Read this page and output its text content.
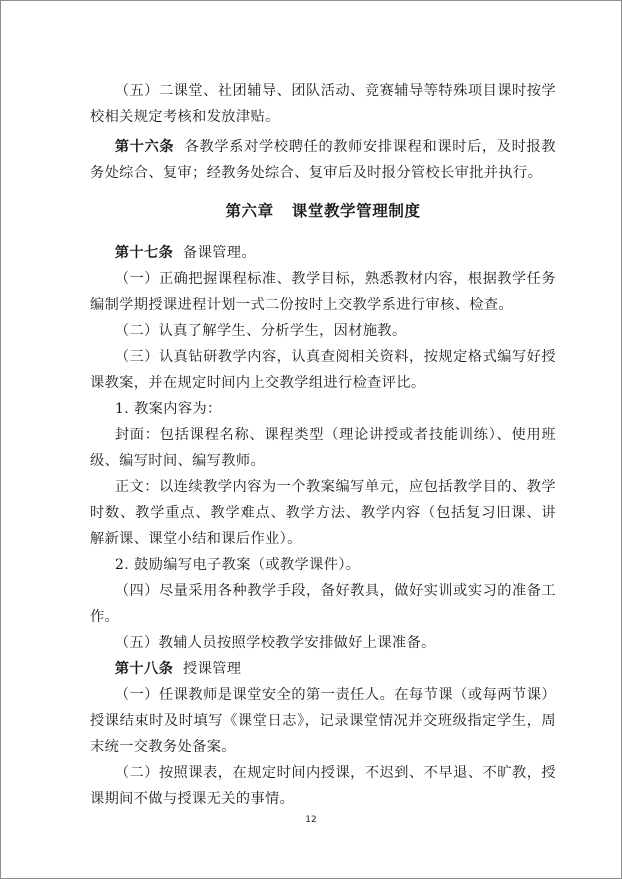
（五）二课堂、社团辅导、团队活动、竞赛辅导等特殊项目课时按学校相关规定考核和发放津贴。

第十六条 各教学系对学校聘任的教师安排课程和课时后，及时报教务处综合、复审；经教务处综合、复审后及时报分管校长审批并执行。

第六章 课堂教学管理制度

第十七条 备课管理。

（一）正确把握课程标准、教学目标，熟悉教材内容，根据教学任务编制学期授课进程计划一式二份按时上交教学系进行审核、检查。

（二）认真了解学生、分析学生，因材施教。

（三）认真钻研教学内容，认真查阅相关资料，按规定格式编写好授课教案，并在规定时间内上交教学组进行检查评比。

1. 教案内容为：

封面：包括课程名称、课程类型（理论讲授或者技能训练）、使用班级、编写时间、编写教师。

正文：以连续教学内容为一个教案编写单元，应包括教学目的、教学时数、教学重点、教学难点、教学方法、教学内容（包括复习旧课、讲解新课、课堂小结和课后作业）。

2. 鼓励编写电子教案（或教学课件）。

（四）尽量采用各种教学手段，备好教具，做好实训或实习的准备工作。

（五）教辅人员按照学校教学安排做好上课准备。

第十八条 授课管理

（一）任课教师是课堂安全的第一责任人。在每节课（或每两节课）授课结束时及时填写《课堂日志》，记录课堂情况并交班级指定学生，周末统一交教务处备案。

（二）按照课表，在规定时间内授课，不迟到、不早退、不旷教，授课期间不做与授课无关的事情。

12
